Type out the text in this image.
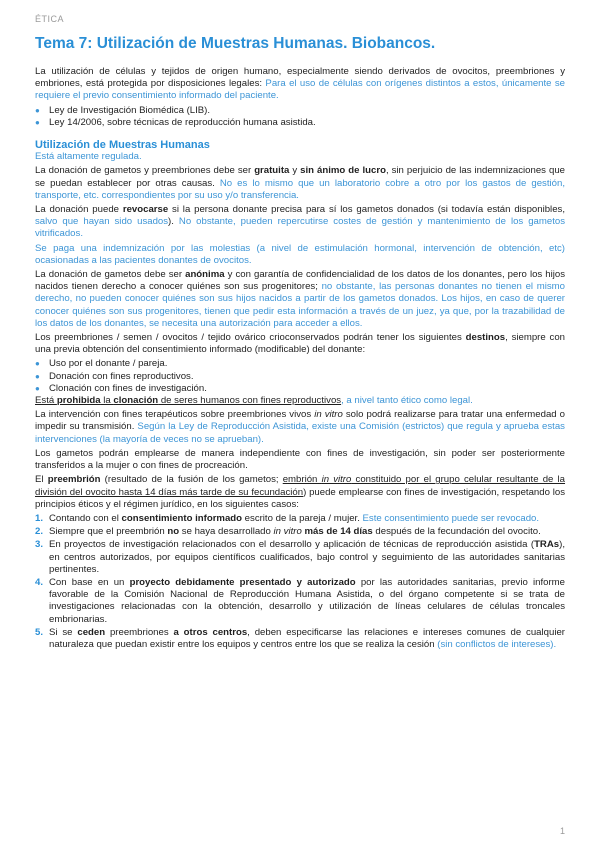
ÉTICA
Tema 7: Utilización de Muestras Humanas. Biobancos.

La utilización de células y tejidos de origen humano, especialmente siendo derivados de ovocitos, preembriones y embriones, está protegida por disposiciones legales: Para el uso de células con orígenes distintos a estos, únicamente se requiere el previo consentimiento informado del paciente.

● Ley de Investigación Biomédica (LIB).
● Ley 14/2006, sobre técnicas de reproducción humana asistida.
Utilización de Muestras Humanas

Está altamente regulada.

La donación de gametos y preembriones debe ser gratuita y sin ánimo de lucro, sin perjuicio de las indemnizaciones que se puedan establecer por otras causas. No es lo mismo que un laboratorio cobre a otro por los gastos de gestión, transporte, etc. correspondientes por su uso y/o transferencia.

La donación puede revocarse si la persona donante precisa para sí los gametos donados (si todavía están disponibles, salvo que hayan sido usados). No obstante, pueden repercutirse costes de gestión y mantenimiento de los gametos vitrificados.

Se paga una indemnización por las molestias (a nivel de estimulación hormonal, intervención de obtención, etc) ocasionadas a las pacientes donantes de ovocitos.

La donación de gametos debe ser anónima y con garantía de confidencialidad de los datos de los donantes, pero los hijos nacidos tienen derecho a conocer quiénes son sus progenitores; no obstante, las personas donantes no tienen el mismo derecho, no pueden conocer quiénes son sus hijos nacidos a partir de los gametos donados. Los hijos, en caso de querer conocer quiénes son sus progenitores, tienen que pedir esta información a través de un juez, ya que, por la trazabilidad de los datos de los donantes, se necesita una autorización para acceder a ellos.

Los preembriones / semen / ovocitos / tejido ovárico crioconservados podrán tener los siguientes destinos, siempre con una previa obtención del consentimiento informado (modificable) del donante:

● Uso por el donante / pareja.
● Donación con fines reproductivos.
● Clonación con fines de investigación.

Está prohibida la clonación de seres humanos con fines reproductivos, a nivel tanto ético como legal.

La intervención con fines terapéuticos sobre preembriones vivos in vitro solo podrá realizarse para tratar una enfermedad o impedir su transmisión. Según la Ley de Reproducción Asistida, existe una Comisión (estrictos) que regula y aprueba estas intervenciones (la mayoría de veces no se aprueban).

Los gametos podrán emplearse de manera independiente con fines de investigación, sin poder ser posteriormente transferidos a la mujer o con fines de procreación.

El preembrión (resultado de la fusión de los gametos; embrión in vitro constituido por el grupo celular resultante de la división del ovocito hasta 14 días más tarde de su fecundación) puede emplearse con fines de investigación, respetando los principios éticos y el régimen jurídico, en los siguientes casos:

1. Contando con el consentimiento informado escrito de la pareja / mujer. Este consentimiento puede ser revocado.
2. Siempre que el preembrión no se haya desarrollado in vitro más de 14 días después de la fecundación del ovocito.
3. En proyectos de investigación relacionados con el desarrollo y aplicación de técnicas de reproducción asistida (TRAs), en centros autorizados, por equipos científicos cualificados, bajo control y seguimiento de las autoridades sanitarias pertinentes.
4. Con base en un proyecto debidamente presentado y autorizado por las autoridades sanitarias, previo informe favorable de la Comisión Nacional de Reproducción Humana Asistida, o del órgano competente si se trata de investigaciones relacionadas con la obtención, desarrollo y utilización de líneas celulares de células troncales embrionarias.
5. Si se ceden preembriones a otros centros, deben especificarse las relaciones e intereses comunes de cualquier naturaleza que puedan existir entre los equipos y centros entre los que se realiza la cesión (sin conflictos de intereses).
1
